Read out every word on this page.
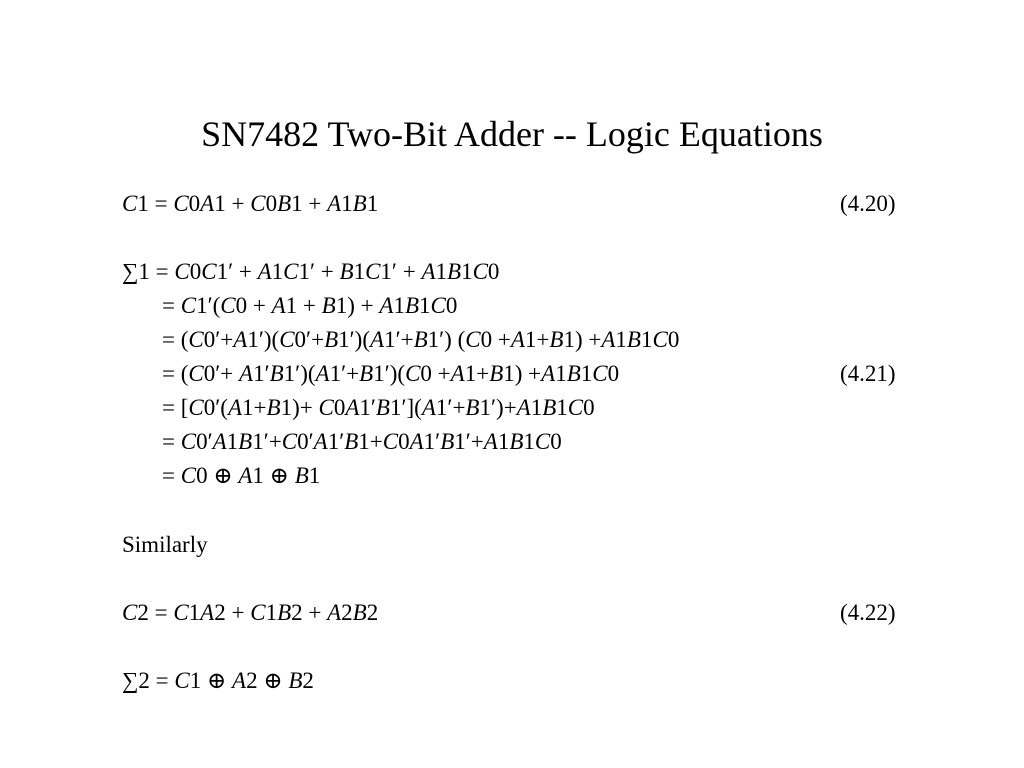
SN7482 Two-Bit Adder -- Logic Equations
C1 = C0A1 + C0B1 + A1B1	(4.20)
∑1 = C0C1′ + A1C1′ + B1C1′ + A1B1C0
= C1′(C0 + A1 + B1) + A1B1C0
= (C0′+A1′)(C0′+B1′)(A1′+B1′) (C0 +A1+B1) +A1B1C0
= (C0′+ A1′B1′)(A1′+B1′)(C0 +A1+B1) +A1B1C0	(4.21)
= [C0′(A1+B1)+ C0A1′B1′](A1′+B1′)+A1B1C0
= C0′A1B1′+C0′A1′B1+C0A1′B1′+A1B1C0
= C0 ⊕ A1 ⊕ B1
Similarly
C2 = C1A2 + C1B2 + A2B2	(4.22)
∑2 = C1 ⊕ A2 ⊕ B2
